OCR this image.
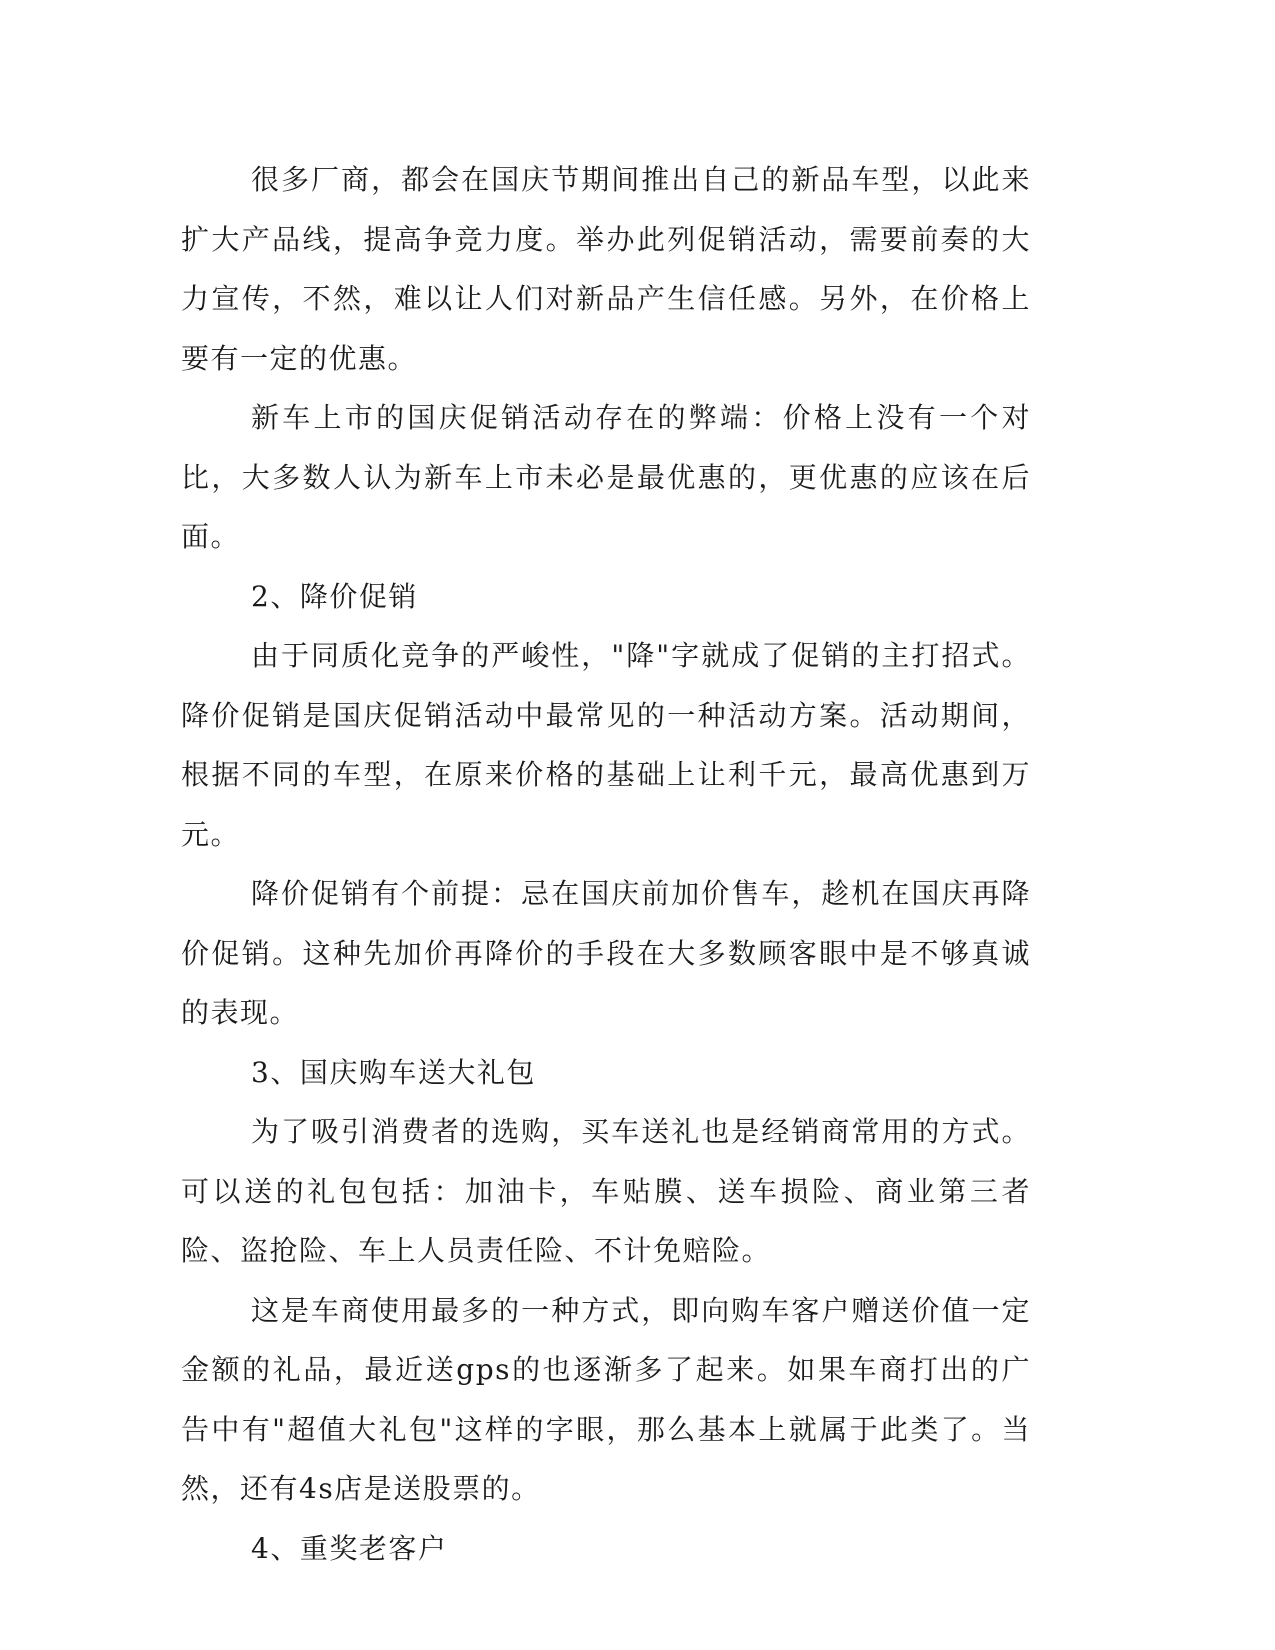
很多厂商，都会在国庆节期间推出自己的新品车型，以此来扩大产品线，提高争竞力度。举办此列促销活动，需要前奏的大力宣传，不然，难以让人们对新品产生信任感。另外，在价格上要有一定的优惠。

新车上市的国庆促销活动存在的弊端：价格上没有一个对比，大多数人认为新车上市未必是最优惠的，更优惠的应该在后面。

2、降价促销

由于同质化竞争的严峻性，"降"字就成了促销的主打招式。降价促销是国庆促销活动中最常见的一种活动方案。活动期间，根据不同的车型，在原来价格的基础上让利千元，最高优惠到万元。

降价促销有个前提：忌在国庆前加价售车，趁机在国庆再降价促销。这种先加价再降价的手段在大多数顾客眼中是不够真诚的表现。

3、国庆购车送大礼包

为了吸引消费者的选购，买车送礼也是经销商常用的方式。可以送的礼包包括：加油卡，车贴膜、送车损险、商业第三者险、盗抢险、车上人员责任险、不计免赔险。

这是车商使用最多的一种方式，即向购车客户赠送价值一定金额的礼品，最近送gps的也逐渐多了起来。如果车商打出的广告中有"超值大礼包"这样的字眼，那么基本上就属于此类了。当然，还有4s店是送股票的。

4、重奖老客户
